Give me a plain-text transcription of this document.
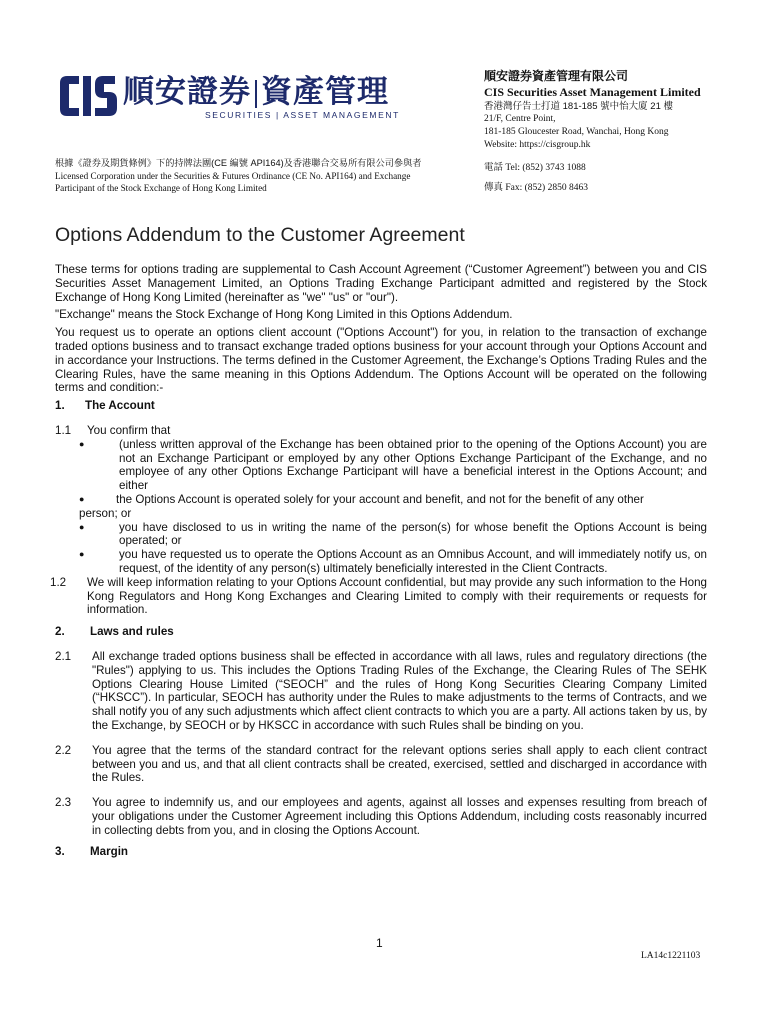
順安證券 資產管理
SECURITIES | ASSET MANAGEMENT
順安證券資產管理有限公司
CIS Securities Asset Management Limited
香港灣仔告士打道 181-185 號中怡大廈 21 樓
21/F, Centre Point,
181-185 Gloucester Road, Wanchai, Hong Kong
Website: https://cisgroup.hk
電話 Tel: (852) 3743 1088
傳真 Fax: (852) 2850 8463
根據《證券及期貨條例》下的持牌法團(CE 編號 API164)及香港聯合交易所有限公司參與者
Licensed Corporation under the Securities & Futures Ordinance (CE No. API164) and Exchange
Participant of the Stock Exchange of Hong Kong Limited
Options Addendum to the Customer Agreement

These terms for options trading are supplemental to Cash Account Agreement (“Customer Agreement”) between you and CIS Securities Asset Management Limited, an Options Trading Exchange Participant admitted and registered by the Stock Exchange of Hong Kong Limited (hereinafter as "we" "us" or "our").

"Exchange" means the Stock Exchange of Hong Kong Limited in this Options Addendum.

You request us to operate an options client account ("Options Account") for you, in relation to the transaction of exchange traded options business and to transact exchange traded options business for your account through your Options Account and in accordance your Instructions. The terms defined in the Customer Agreement, the Exchange’s Options Trading Rules and the Clearing Rules, have the same meaning in this Options Addendum. The Options Account will be operated on the following terms and condition:-

1.	The Account
1.1	You confirm that
●	(unless written approval of the Exchange has been obtained prior to the opening of the Options Account) you are not an Exchange Participant or employed by any other Options Exchange Participant of the Exchange, and no employee of any other Options Exchange Participant will have a beneficial interest in the Options Account; and either
●	the Options Account is operated solely for your account and benefit, and not for the benefit of any other
person; or
●	you have disclosed to us in writing the name of the person(s) for whose benefit the Options Account is being operated; or
●	you have requested us to operate the Options Account as an Omnibus Account, and will immediately notify us, on request, of the identity of any person(s) ultimately beneficially interested in the Client Contracts.
1.2	We will keep information relating to your Options Account confidential, but may provide any such information to the Hong Kong Regulators and Hong Kong Exchanges and Clearing Limited to comply with their requirements or requests for information.
2.	Laws and rules
2.1	All exchange traded options business shall be effected in accordance with all laws, rules and regulatory directions (the "Rules") applying to us. This includes the Options Trading Rules of the Exchange, the Clearing Rules of The SEHK Options Clearing House Limited (“SEOCH” and the rules of Hong Kong Securities Clearing Company Limited (“HKSCC”). In particular, SEOCH has authority under the Rules to make adjustments to the terms of Contracts, and we shall notify you of any such adjustments which affect client contracts to which you are a party. All actions taken by us, by the Exchange, by SEOCH or by HKSCC in accordance with such Rules shall be binding on you.
2.2	You agree that the terms of the standard contract for the relevant options series shall apply to each client contract between you and us, and that all client contracts shall be created, exercised, settled and discharged in accordance with the Rules.
2.3	You agree to indemnify us, and our employees and agents, against all losses and expenses resulting from breach of your obligations under the Customer Agreement including this Options Addendum, including costs reasonably incurred in collecting debts from you, and in closing the Options Account.
3.	Margin
1
LA14c1221103
